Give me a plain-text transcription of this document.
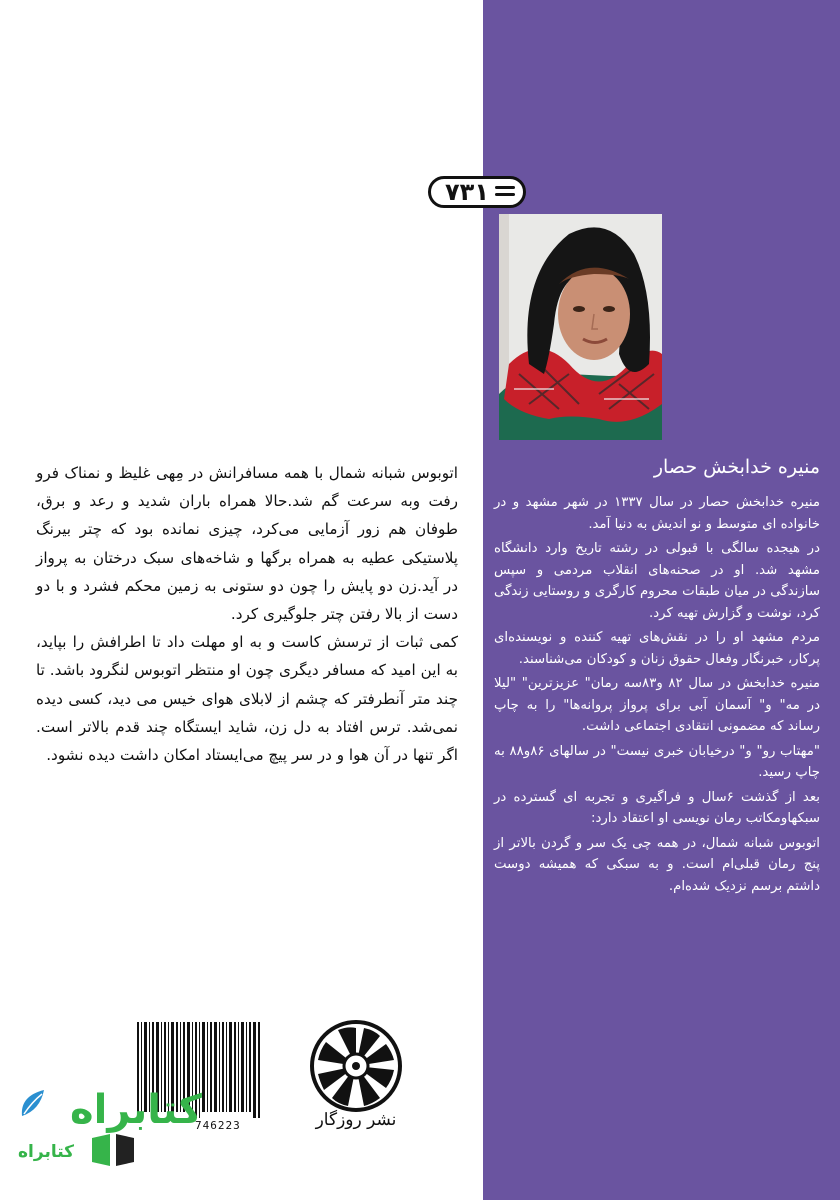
۷۳۱
منیره خدابخش حصار

منیره خدابخش حصار در سال ۱۳۳۷ در شهر مشهد و در خانواده ای متوسط و نو اندیش به دنیا آمد.

در هیجده سالگی با قبولی در رشته تاریخ وارد دانشگاه مشهد شد. او در صحنه‌های انقلاب مردمی و سپس سازندگی در میان طبقات محروم کارگری و روستایی زندگی کرد، نوشت و گزارش تهیه کرد.

مردم مشهد او را در نقش‌های تهیه کننده و نویسنده‌ای پرکار، خبرنگار وفعال حقوق زنان و کودکان می‌شناسند.

منیره خدابخش در سال ۸۲ و۸۳سه رمان" عزیزترین" "لیلا در مه" و" آسمان آبی برای پرواز پروانه‌ها" را به چاپ رساند که مضمونی انتقادی اجتماعی داشت.

"مهتاب رو" و" درخیابان خبری نیست" در سالهای ۸۶و۸۸ به چاپ رسید.

بعد از گذشت ۶سال و فراگیری و تجربه ای گسترده در سبکهاومکاتب رمان نویسی او اعتقاد دارد:

اتوبوس شبانه شمال، در همه چی یک سر و گردن بالاتر از پنج رمان قبلی‌ام است. و به سبکی که همیشه دوست داشتم برسم نزدیک شده‌ام.

اتوبوس شبانه شمال با همه مسافرانش در مِهی غلیظ و نمناک فرو رفت وبه سرعت گم شد.حالا همراه باران شدید و رعد و برق، طوفان هم زور آزمایی می‌کرد، چیزی نمانده بود که چتر بیرنگ پلاستیکی عطیه به همراه برگها و شاخه‌های سبک درختان به پرواز در آید.زن دو پایش را چون دو ستونی به زمین محکم فشرد و با دو دست از بالا رفتن چتر جلوگیری کرد.

کمی ثبات از ترسش کاست و به او مهلت داد تا اطرافش را بپاید، به این امید که مسافر دیگری چون او منتظر اتوبوس لنگرود باشد. تا چند متر آنطرفتر که چشم از لابلای هوای خیس می دید، کسی دیده نمی‌شد. ترس افتاد به دل زن، شاید ایستگاه چند قدم بالاتر است. اگر تنها در آن هوا و در سر پیچ می‌ایستاد امکان داشت دیده نشود.

746223	نشر روزگار
کتابراه
کتابراه
